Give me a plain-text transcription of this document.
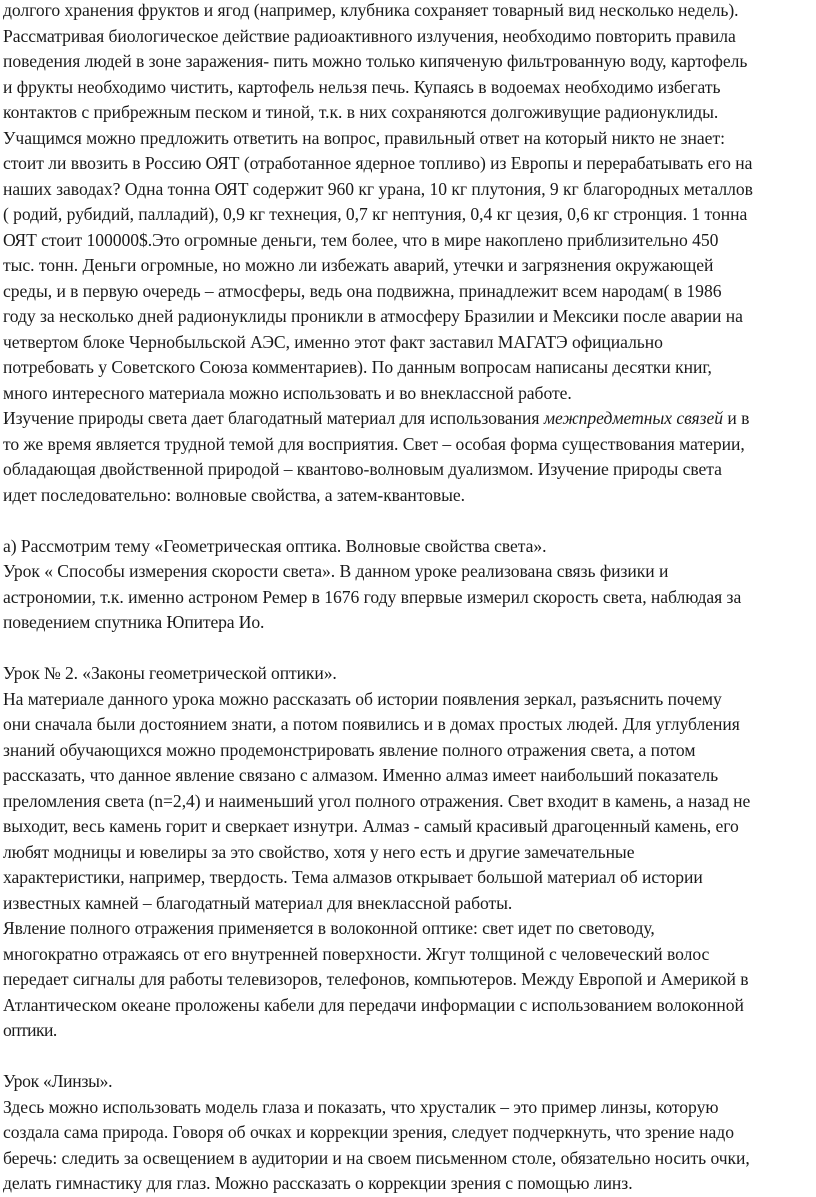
долгого хранения фруктов и ягод (например, клубника сохраняет товарный вид несколько недель).
Рассматривая биологическое действие радиоактивного излучения, необходимо повторить правила
поведения людей в зоне заражения- пить можно только кипяченую фильтрованную воду, картофель
и фрукты необходимо чистить, картофель нельзя печь. Купаясь в водоемах необходимо избегать
контактов с прибрежным песком и тиной, т.к. в них сохраняются долгоживущие радионуклиды.
Учащимся можно предложить ответить на вопрос, правильный ответ на который никто не знает:
стоит ли ввозить в Россию ОЯТ (отработанное ядерное топливо) из Европы и перерабатывать его на
наших заводах? Одна тонна ОЯТ содержит 960 кг урана, 10 кг плутония, 9 кг благородных металлов
( родий, рубидий, палладий), 0,9 кг технеция, 0,7 кг нептуния, 0,4 кг цезия, 0,6 кг стронция. 1 тонна
ОЯТ стоит 100000$.Это огромные деньги, тем более, что в мире накоплено приблизительно 450
тыс. тонн. Деньги огромные, но можно ли избежать аварий, утечки и загрязнения окружающей
среды, и в первую очередь – атмосферы, ведь она подвижна, принадлежит всем народам( в 1986
году за несколько дней радионуклиды проникли в атмосферу Бразилии и Мексики после аварии на
четвертом блоке Чернобыльской АЭС, именно этот факт заставил МАГАТЭ официально
потребовать у Советского Союза комментариев). По данным вопросам написаны десятки книг,
много интересного материала можно использовать и во внеклассной работе.
Изучение природы света дает благодатный материал для использования межпредметных связей и в
то же время является трудной темой для восприятия. Свет – особая форма существования материи,
обладающая двойственной природой – квантово-волновым дуализмом. Изучение природы света
идет последовательно: волновые свойства, а затем-квантовые.
а) Рассмотрим тему «Геометрическая оптика. Волновые свойства света».
Урок « Способы измерения скорости света». В данном уроке реализована связь физики и
астрономии, т.к. именно астроном Ремер в 1676 году впервые измерил скорость света, наблюдая за
поведением спутника Юпитера Ио.
Урок № 2. «Законы геометрической оптики».
На материале данного урока можно рассказать об истории появления зеркал, разъяснить почему
они сначала были достоянием знати, а потом появились и в домах простых людей. Для углубления
знаний обучающихся можно продемонстрировать явление полного отражения света, а потом
рассказать, что данное явление связано с алмазом. Именно алмаз имеет наибольший показатель
преломления света (n=2,4) и наименьший угол полного отражения. Свет входит в камень, а назад не
выходит, весь камень горит и сверкает изнутри. Алмаз - самый красивый драгоценный камень, его
любят модницы и ювелиры за это свойство, хотя у него есть и другие замечательные
характеристики, например, твердость. Тема алмазов открывает большой материал об истории
известных камней – благодатный материал для внеклассной работы.
Явление полного отражения применяется в волоконной оптике: свет идет по световоду,
многократно отражаясь от его внутренней поверхности. Жгут толщиной с человеческий волос
передает сигналы для работы телевизоров, телефонов, компьютеров. Между Европой и Америкой в
Атлантическом океане проложены кабели для передачи информации с использованием волоконной
оптики.
Урок «Линзы».
Здесь можно использовать модель глаза и показать, что хрусталик – это пример линзы, которую
создала сама природа. Говоря об очках и коррекции зрения, следует подчеркнуть, что зрение надо
беречь: следить за освещением в аудитории и на своем письменном столе, обязательно носить очки,
делать гимнастику для глаз. Можно рассказать о коррекции зрения с помощью линз.
